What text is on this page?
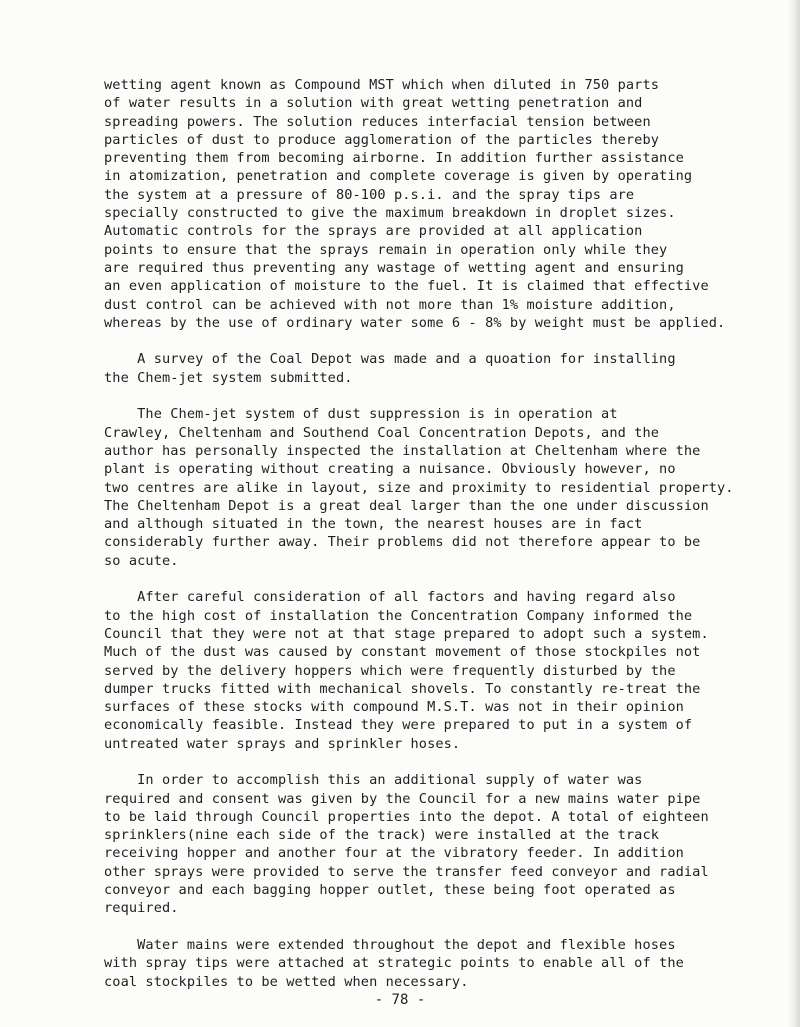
wetting agent known as Compound MST which when diluted in 750 parts
of water results in a solution with great wetting penetration and
spreading powers. The solution reduces interfacial tension between
particles of dust to produce agglomeration of the particles thereby
preventing them from becoming airborne. In addition further assistance
in atomization, penetration and complete coverage is given by operating
the system at a pressure of 80-100 p.s.i. and the spray tips are
specially constructed to give the maximum breakdown in droplet sizes.
Automatic controls for the sprays are provided at all application
points to ensure that the sprays remain in operation only while they
are required thus preventing any wastage of wetting agent and ensuring
an even application of moisture to the fuel. It is claimed that effective
dust control can be achieved with not more than 1% moisture addition,
whereas by the use of ordinary water some 6 - 8% by weight must be applied.
A survey of the Coal Depot was made and a quoation for installing
the Chem-jet system submitted.
The Chem-jet system of dust suppression is in operation at
Crawley, Cheltenham and Southend Coal Concentration Depots, and the
author has personally inspected the installation at Cheltenham where the
plant is operating without creating a nuisance. Obviously however, no
two centres are alike in layout, size and proximity to residential property.
The Cheltenham Depot is a great deal larger than the one under discussion
and although situated in the town, the nearest houses are in fact
considerably further away. Their problems did not therefore appear to be
so acute.
After careful consideration of all factors and having regard also
to the high cost of installation the Concentration Company informed the
Council that they were not at that stage prepared to adopt such a system.
Much of the dust was caused by constant movement of those stockpiles not
served by the delivery hoppers which were frequently disturbed by the
dumper trucks fitted with mechanical shovels. To constantly re-treat the
surfaces of these stocks with compound M.S.T. was not in their opinion
economically feasible. Instead they were prepared to put in a system of
untreated water sprays and sprinkler hoses.
In order to accomplish this an additional supply of water was
required and consent was given by the Council for a new mains water pipe
to be laid through Council properties into the depot. A total of eighteen
sprinklers(nine each side of the track) were installed at the track
receiving hopper and another four at the vibratory feeder. In addition
other sprays were provided to serve the transfer feed conveyor and radial
conveyor and each bagging hopper outlet, these being foot operated as
required.
Water mains were extended throughout the depot and flexible hoses
with spray tips were attached at strategic points to enable all of the
coal stockpiles to be wetted when necessary.
- 78 -
